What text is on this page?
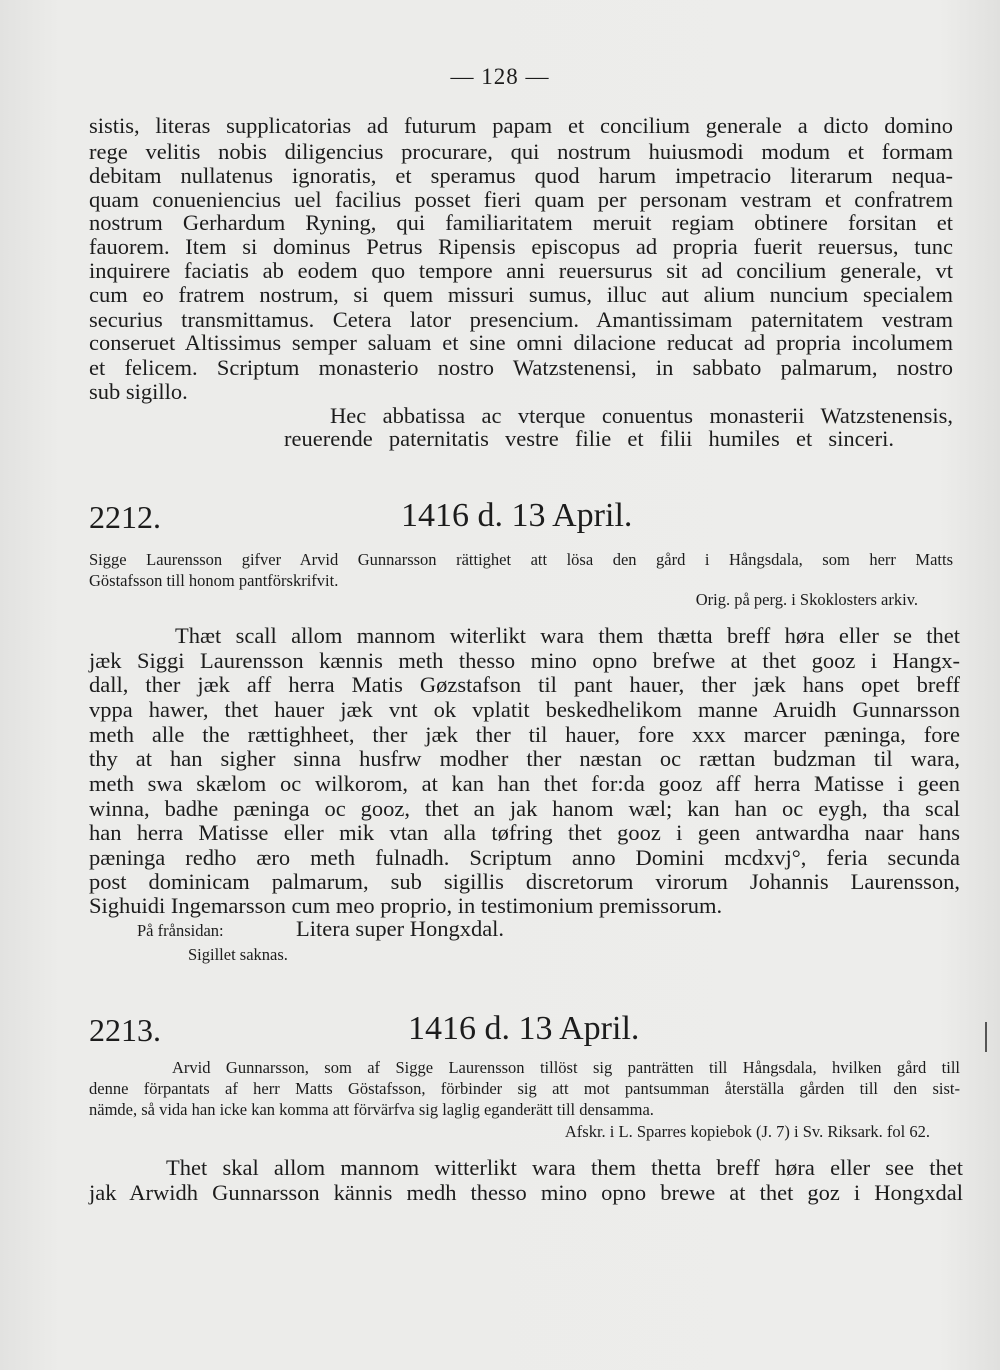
— 128 —
sistis, literas supplicatorias ad futurum papam et concilium generale a dicto domino
rege velitis nobis diligencius procurare, qui nostrum huiusmodi modum et formam
debitam nullatenus ignoratis, et speramus quod harum impetracio literarum nequa-
quam conueniencius uel facilius posset fieri quam per personam vestram et confratrem
nostrum Gerhardum Ryning, qui familiaritatem meruit regiam obtinere forsitan et
fauorem. Item si dominus Petrus Ripensis episcopus ad propria fuerit reuersus, tunc
inquirere faciatis ab eodem quo tempore anni reuersurus sit ad concilium generale, vt
cum eo fratrem nostrum, si quem missuri sumus, illuc aut alium nuncium specialem
securius transmittamus. Cetera lator presencium. Amantissimam paternitatem vestram
conseruet Altissimus semper saluam et sine omni dilacione reducat ad propria incolumem
et felicem. Scriptum monasterio nostro Watzstenensi, in sabbato palmarum, nostro
sub sigillo.
Hec abbatissa ac vterque conuentus monasterii Watzstenensis,
reuerende paternitatis vestre filie et filii humiles et sinceri.
2212.	1416 d. 13 April.
Sigge Laurensson gifver Arvid Gunnarsson rättighet att lösa den gård i Hångsdala, som herr Matts
Göstafsson till honom pantförskrifvit.
Orig. på perg. i Skoklosters arkiv.
Thæt scall allom mannom witerlikt wara them thætta breff høra eller se thet
jæk Siggi Laurensson kænnis meth thesso mino opno brefwe at thet gooz i Hangx-
dall, ther jæk aff herra Matis Gøzstafson til pant hauer, ther jæk hans opet breff
vppa hawer, thet hauer jæk vnt ok vplatit beskedhelikom manne Aruidh Gunnarsson
meth alle the rættighheet, ther jæk ther til hauer, fore xxx marcer pæninga, fore
thy at han sigher sinna husfrw modher ther næstan oc rættan budzman til wara,
meth swa skælom oc wilkorom, at kan han thet for:da gooz aff herra Matisse i geen
winna, badhe pæninga oc gooz, thet an jak hanom wæl; kan han oc eygh, tha scal
han herra Matisse eller mik vtan alla tøfring thet gooz i geen antwardha naar hans
pæninga redho æro meth fulnadh. Scriptum anno Domini mcdxvj°, feria secunda
post dominicam palmarum, sub sigillis discretorum virorum Johannis Laurensson,
Sighuidi Ingemarsson cum meo proprio, in testimonium premissorum.
På frånsidan:	Litera super Hongxdal.
Sigillet saknas.
2213.	1416 d. 13 April.
Arvid Gunnarsson, som af Sigge Laurensson tillöst sig panträtten till Hångsdala, hvilken gård till
denne förpantats af herr Matts Göstafsson, förbinder sig att mot pantsumman återställa gården till den sist-
nämde, så vida han icke kan komma att förvärfva sig laglig eganderätt till densamma.
Afskr. i L. Sparres kopiebok (J. 7) i Sv. Riksark. fol 62.
Thet skal allom mannom witterlikt wara them thetta breff høra eller see thet
jak Arwidh Gunnarsson kännis medh thesso mino opno brewe at thet goz i Hongxdal
